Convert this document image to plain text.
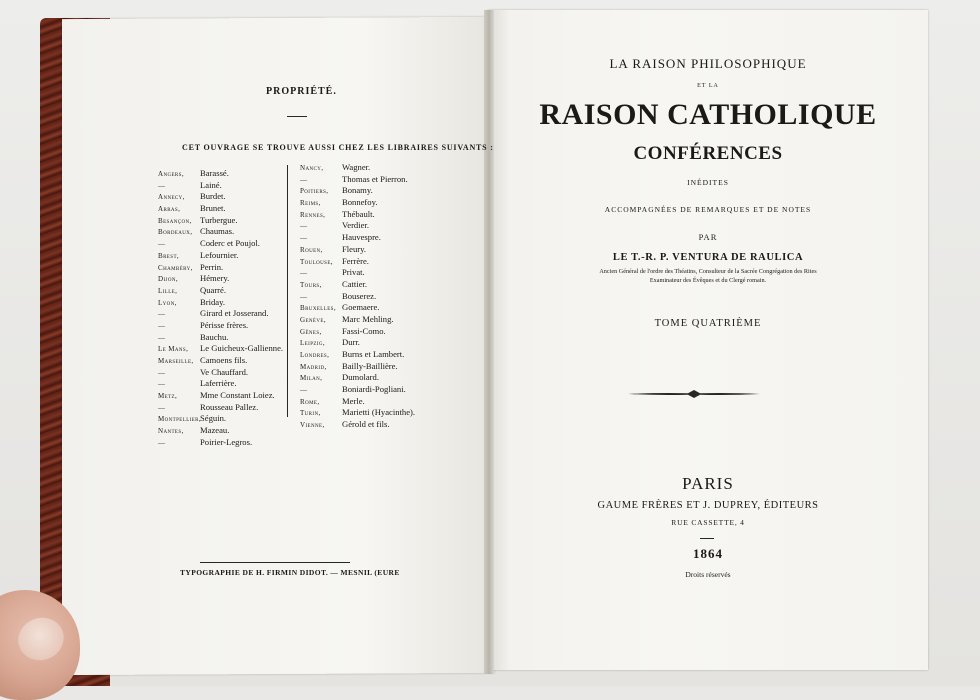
PROPRIÉTÉ.
CET OUVRAGE SE TROUVE AUSSI CHEZ LES LIBRAIRES SUIVANTS :
Angers, Barassé.
—	Lainé.
Annecy, Burdet.
Arras, Brunet.
Besançon, Turbergue.
Bordeaux, Chaumas.
—	Coderc et Poujol.
Brest, Lefournier.
Chambéry, Perrin.
Dijon,	Hémery.
Lille,	Quarré.
Lyon,	Briday.
—	Girard et Josserand.
—	Périsse frères.
—	Bauchu.
Le Mans, Le Guicheux-Gallienne.
Marseille, Camoens fils.
—	Ve Chauffard.
—	Laferrière.
Metz,	Mme Constant Loiez.
—	Rousseau Pallez.
Montpellier,Séguin.
Nantes, Mazeau.
—	Poirier-Legros.
Nancy, Wagner.
—	Thomas et Pierron.
Poitiers, Bonamy.
Reims, Bonnefoy.
Rennes, Thébault.
—	Verdier.
—	Hauvespre.
Rouen, Fleury.
Toulouse, Ferrère.
—	Privat.
Tours, Cattier.
—	Bouserez.
Bruxelles, Goemaere.
Genève, Marc Mehling.
Gênes, Fassi-Como.
Leipzig, Durr.
Londres, Burns et Lambert.
Madrid, Bailly-Baillière.
Milan, Dumolard.
—	Boniardi-Pogliani.
Rome,	Merle.
Turin, Marietti (Hyacinthe).
Vienne, Gérold et fils.
TYPOGRAPHIE DE H. FIRMIN DIDOT. — MESNIL (EURE
LA RAISON PHILOSOPHIQUE
ET LA
RAISON CATHOLIQUE
CONFÉRENCES
INÉDITES
ACCOMPAGNÉES DE REMARQUES ET DE NOTES
PAR
LE T.-R. P. VENTURA DE RAULICA
Ancien Général de l'ordre des Théatins, Consulteur de la Sacrée Congrégation des Rites
Examinateur des Évêques et du Clergé romain.
TOME QUATRIÈME
PARIS
GAUME FRÈRES ET J. DUPREY, ÉDITEURS
RUE CASSETTE, 4
1864
Droits réservés
